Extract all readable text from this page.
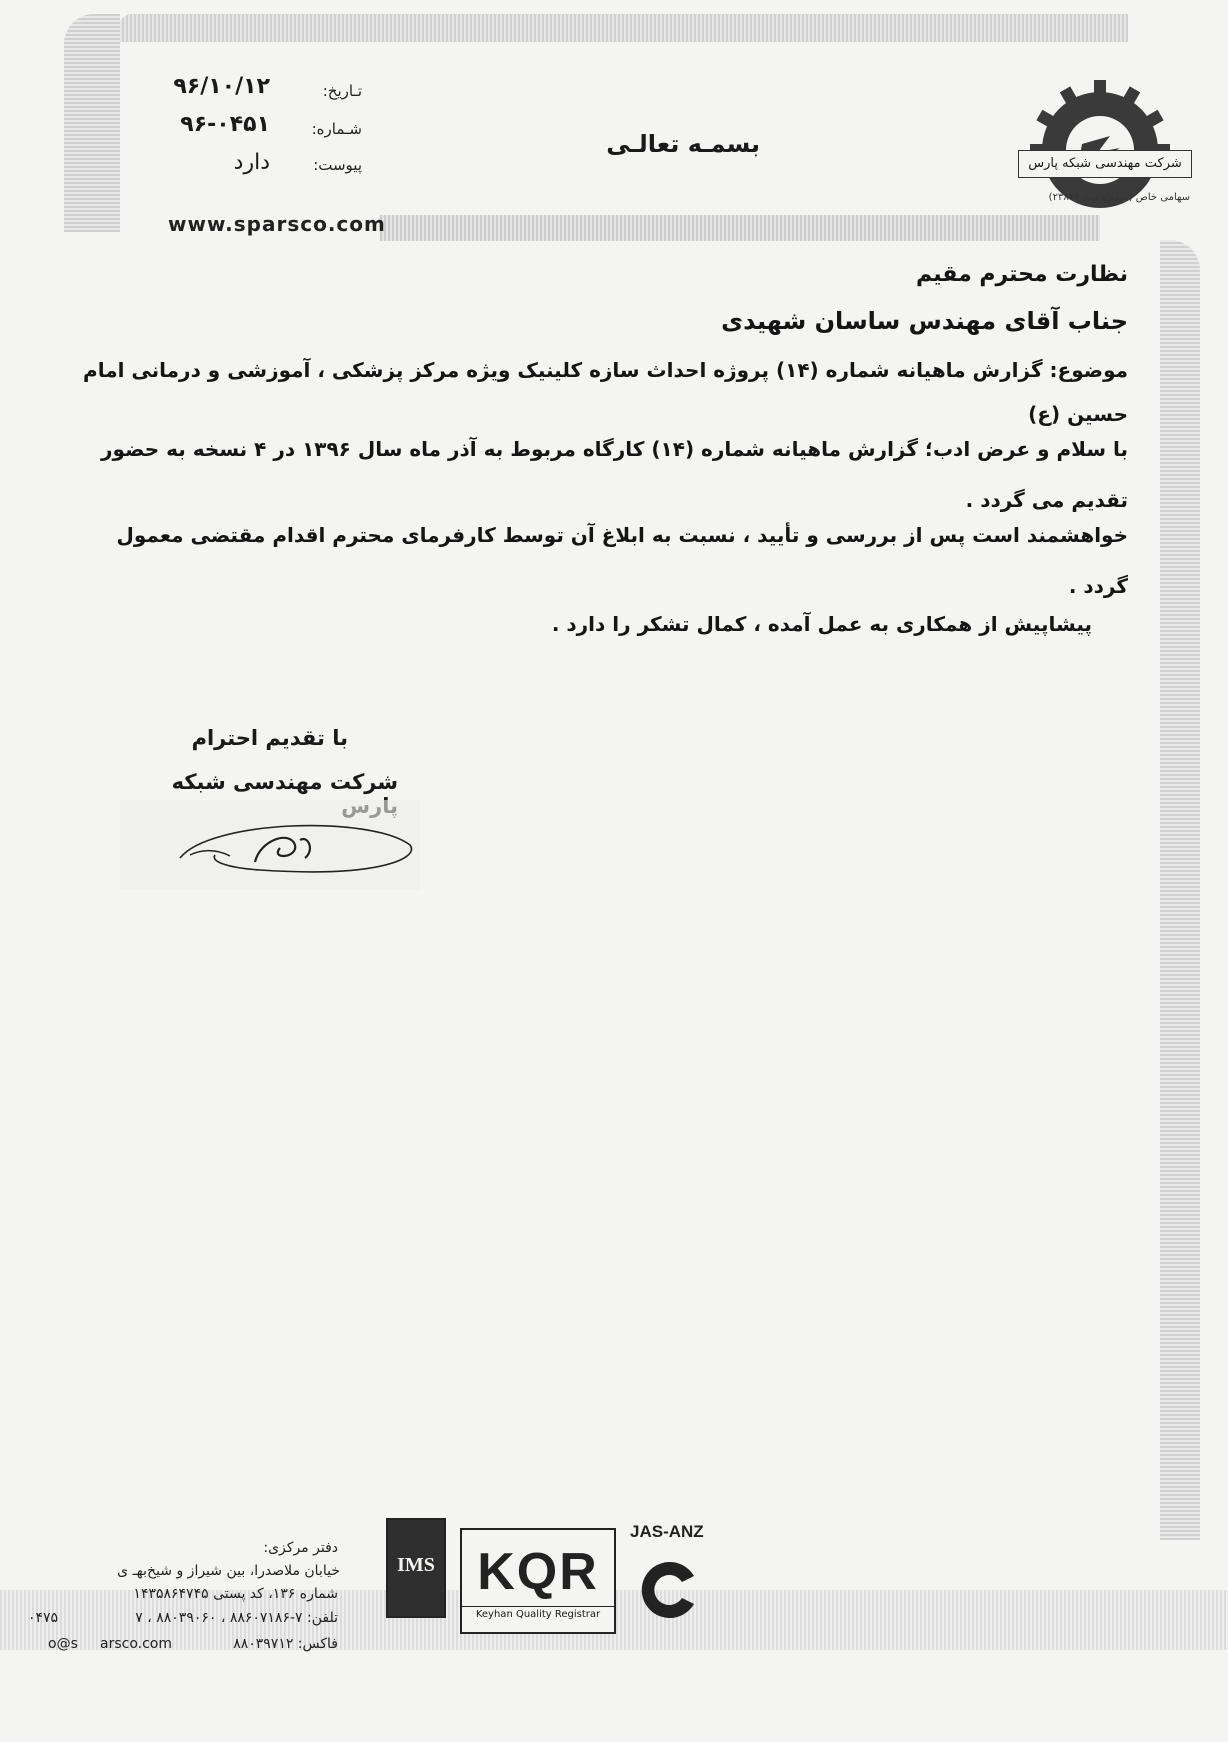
تـاریخ:
۹۶/۱۰/۱۲
شـماره:
۹۶-۰۴۵۱
پیوست:
دارد
www.sparsco.com
بسمـه تعالـی
شرکت مهندسی شبکه پارس
سهامی خاص (شماره ثبت ۲۳۸۷۶)
نظارت محترم مقیم
جناب آقای مهندس ساسان شهیدی
موضوع: گزارش ماهیانه شماره (۱۴) پروژه احداث سازه کلینیک ویژه مرکز پزشکی ، آموزشی و درمانی امام
حسین (ع)
با سلام و عرض ادب؛ گزارش ماهیانه شماره (۱۴) کارگاه مربوط به آذر ماه سال ۱۳۹۶ در ۴ نسخه به حضور
تقدیم می گردد .
خواهشمند است پس از بررسی و تأیید ، نسبت به ابلاغ آن توسط کارفرمای محترم اقدام مقتضی معمول
گردد .
پیشاپیش از همکاری به عمل آمده ، کمال تشکر را دارد .
با تقدیم احترام
شرکت مهندسی شبکه
دفتر مرکزی:
خیابان ملاصدرا، بین شیراز و شیخ‌بهـ ی
شماره ۱۳۶، کد پستی ۱۴۳۵۸۶۴۷۴۵
تلفن: ۷-۸۸۶۰۷۱۸۶ ، ۸۸۰۳۹۰۶۰ ، ۷
فاکس: ۸۸۰۳۹۷۱۲
۰۴۷۵
o@s arsco.com
IMS KQR
Keyhan Quality Registrar
JAS-ANZ
